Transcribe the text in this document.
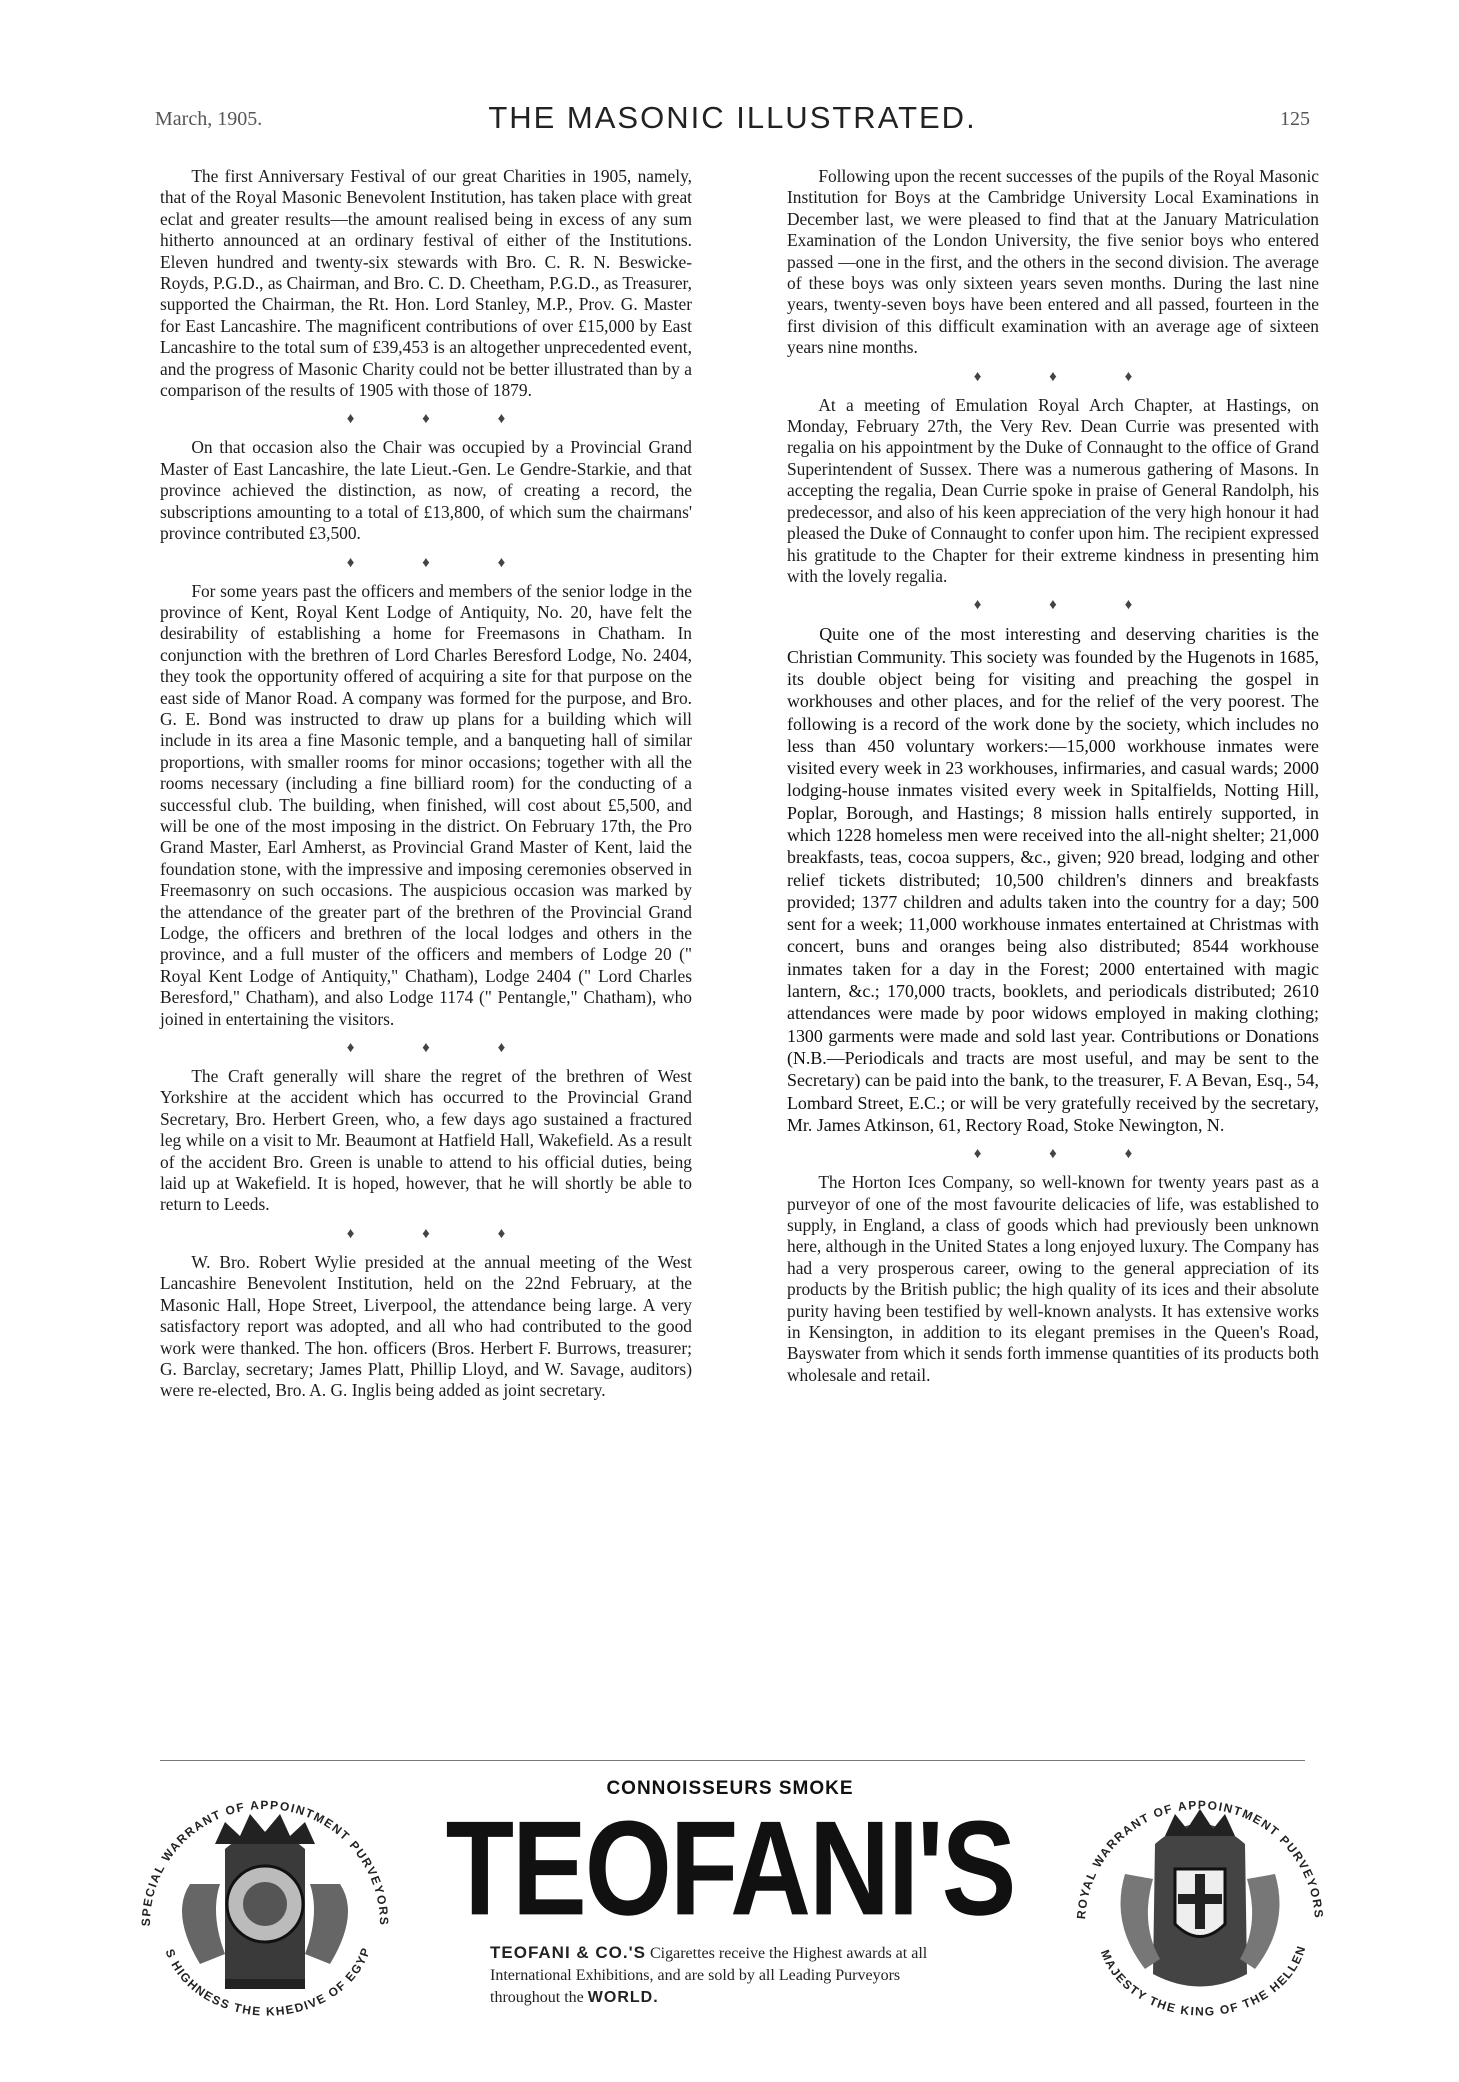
March, 1905.	THE MASONIC ILLUSTRATED.	125

The first Anniversary Festival of our great Charities in 1905, namely, that of the Royal Masonic Benevolent Institution, has taken place with great eclat and greater results—the amount realised being in excess of any sum hitherto announced at an ordinary festival of either of the Institutions. Eleven hundred and twenty-six stewards with Bro. C. R. N. Beswicke-Royds, P.G.D., as Chairman, and Bro. C. D. Cheetham, P.G.D., as Treasurer, supported the Chairman, the Rt. Hon. Lord Stanley, M.P., Prov. G. Master for East Lancashire. The magnificent contributions of over £15,000 by East Lancashire to the total sum of £39,453 is an altogether unprecedented event, and the progress of Masonic Charity could not be better illustrated than by a comparison of the results of 1905 with those of 1879.

♦ ♦ ♦

On that occasion also the Chair was occupied by a Provincial Grand Master of East Lancashire, the late Lieut.-Gen. Le Gendre-Starkie, and that province achieved the distinction, as now, of creating a record, the subscriptions amounting to a total of £13,800, of which sum the chairmans' province contributed £3,500.

♦ ♦ ♦

For some years past the officers and members of the senior lodge in the province of Kent, Royal Kent Lodge of Antiquity, No. 20, have felt the desirability of establishing a home for Freemasons in Chatham. In conjunction with the brethren of Lord Charles Beresford Lodge, No. 2404, they took the opportunity offered of acquiring a site for that purpose on the east side of Manor Road. A company was formed for the purpose, and Bro. G. E. Bond was instructed to draw up plans for a building which will include in its area a fine Masonic temple, and a banqueting hall of similar proportions, with smaller rooms for minor occasions; together with all the rooms necessary (including a fine billiard room) for the conducting of a successful club. The building, when finished, will cost about £5,500, and will be one of the most imposing in the district. On February 17th, the Pro Grand Master, Earl Amherst, as Provincial Grand Master of Kent, laid the foundation stone, with the impressive and imposing ceremonies observed in Freemasonry on such occasions. The auspicious occasion was marked by the attendance of the greater part of the brethren of the Provincial Grand Lodge, the officers and brethren of the local lodges and others in the province, and a full muster of the officers and members of Lodge 20 (" Royal Kent Lodge of Antiquity," Chatham), Lodge 2404 (" Lord Charles Beresford," Chatham), and also Lodge 1174 (" Pentangle," Chatham), who joined in entertaining the visitors.

♦ ♦ ♦

The Craft generally will share the regret of the brethren of West Yorkshire at the accident which has occurred to the Provincial Grand Secretary, Bro. Herbert Green, who, a few days ago sustained a fractured leg while on a visit to Mr. Beaumont at Hatfield Hall, Wakefield. As a result of the accident Bro. Green is unable to attend to his official duties, being laid up at Wakefield. It is hoped, however, that he will shortly be able to return to Leeds.

♦ ♦ ♦

W. Bro. Robert Wylie presided at the annual meeting of the West Lancashire Benevolent Institution, held on the 22nd February, at the Masonic Hall, Hope Street, Liverpool, the attendance being large. A very satisfactory report was adopted, and all who had contributed to the good work were thanked. The hon. officers (Bros. Herbert F. Burrows, treasurer; G. Barclay, secretary; James Platt, Phillip Lloyd, and W. Savage, auditors) were re-elected, Bro. A. G. Inglis being added as joint secretary.

Following upon the recent successes of the pupils of the Royal Masonic Institution for Boys at the Cambridge University Local Examinations in December last, we were pleased to find that at the January Matriculation Examination of the London University, the five senior boys who entered passed —one in the first, and the others in the second division. The average of these boys was only sixteen years seven months. During the last nine years, twenty-seven boys have been entered and all passed, fourteen in the first division of this difficult examination with an average age of sixteen years nine months.

♦ ♦ ♦

At a meeting of Emulation Royal Arch Chapter, at Hastings, on Monday, February 27th, the Very Rev. Dean Currie was presented with regalia on his appointment by the Duke of Connaught to the office of Grand Superintendent of Sussex. There was a numerous gathering of Masons. In accepting the regalia, Dean Currie spoke in praise of General Randolph, his predecessor, and also of his keen appreciation of the very high honour it had pleased the Duke of Connaught to confer upon him. The recipient expressed his gratitude to the Chapter for their extreme kindness in presenting him with the lovely regalia.

♦ ♦ ♦

Quite one of the most interesting and deserving charities is the Christian Community. This society was founded by the Hugenots in 1685, its double object being for visiting and preaching the gospel in workhouses and other places, and for the relief of the very poorest. The following is a record of the work done by the society, which includes no less than 450 voluntary workers:—15,000 workhouse inmates were visited every week in 23 workhouses, infirmaries, and casual wards; 2000 lodging-house inmates visited every week in Spitalfields, Notting Hill, Poplar, Borough, and Hastings; 8 mission halls entirely supported, in which 1228 homeless men were received into the all-night shelter; 21,000 breakfasts, teas, cocoa suppers, &c., given; 920 bread, lodging and other relief tickets distributed; 10,500 children's dinners and breakfasts provided; 1377 children and adults taken into the country for a day; 500 sent for a week; 11,000 workhouse inmates entertained at Christmas with concert, buns and oranges being also distributed; 8544 workhouse inmates taken for a day in the Forest; 2000 entertained with magic lantern, &c.; 170,000 tracts, booklets, and periodicals distributed; 2610 attendances were made by poor widows employed in making clothing; 1300 garments were made and sold last year. Contributions or Donations (N.B.—Periodicals and tracts are most useful, and may be sent to the Secretary) can be paid into the bank, to the treasurer, F. A Bevan, Esq., 54, Lombard Street, E.C.; or will be very gratefully received by the secretary, Mr. James Atkinson, 61, Rectory Road, Stoke Newington, N.

♦ ♦ ♦

The Horton Ices Company, so well-known for twenty years past as a purveyor of one of the most favourite delicacies of life, was established to supply, in England, a class of goods which had previously been unknown here, although in the United States a long enjoyed luxury. The Company has had a very prosperous career, owing to the general appreciation of its products by the British public; the high quality of its ices and their absolute purity having been testified by well-known analysts. It has extensive works in Kensington, in addition to its elegant premises in the Queen's Road, Bayswater from which it sends forth immense quantities of its products both wholesale and retail.

SPECIAL WARRANT OF APPOINTMENT PURVEYORS
S HIGHNESS THE KHEDIVE OF EGYP
CONNOISSEURS SMOKE
TEOFANI'S
TEOFANI & CO.'S Cigarettes receive the Highest awards at all International Exhibitions, and are sold by all Leading Purveyors throughout the WORLD.
ROYAL WARRANT OF APPOINTMENT PURVEYORS
MAJESTY THE KING OF THE HELLEN
